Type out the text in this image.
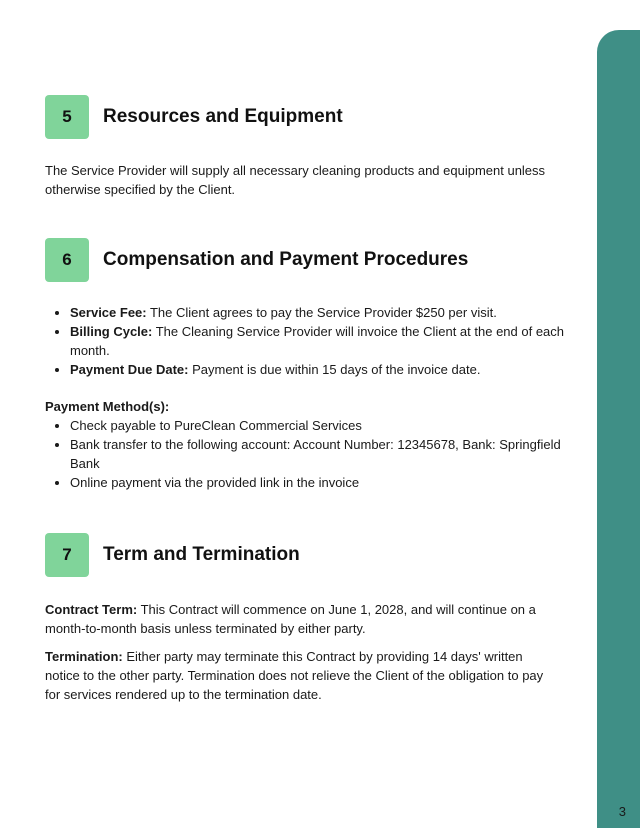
3
5	Resources and Equipment

The Service Provider will supply all necessary cleaning products and equipment unless otherwise specified by the Client.

6	Compensation and Payment Procedures
• Service Fee: The Client agrees to pay the Service Provider $250 per visit.
• Billing Cycle: The Cleaning Service Provider will invoice the Client at the end of each month.
• Payment Due Date: Payment is due within 15 days of the invoice date.

Payment Method(s):

• Check payable to PureClean Commercial Services
• Bank transfer to the following account: Account Number: 12345678, Bank: Springfield Bank
• Online payment via the provided link in the invoice
7	Term and Termination

Contract Term: This Contract will commence on June 1, 2028, and will continue on a month-to-month basis unless terminated by either party.

Termination: Either party may terminate this Contract by providing 14 days' written notice to the other party. Termination does not relieve the Client of the obligation to pay for services rendered up to the termination date.
